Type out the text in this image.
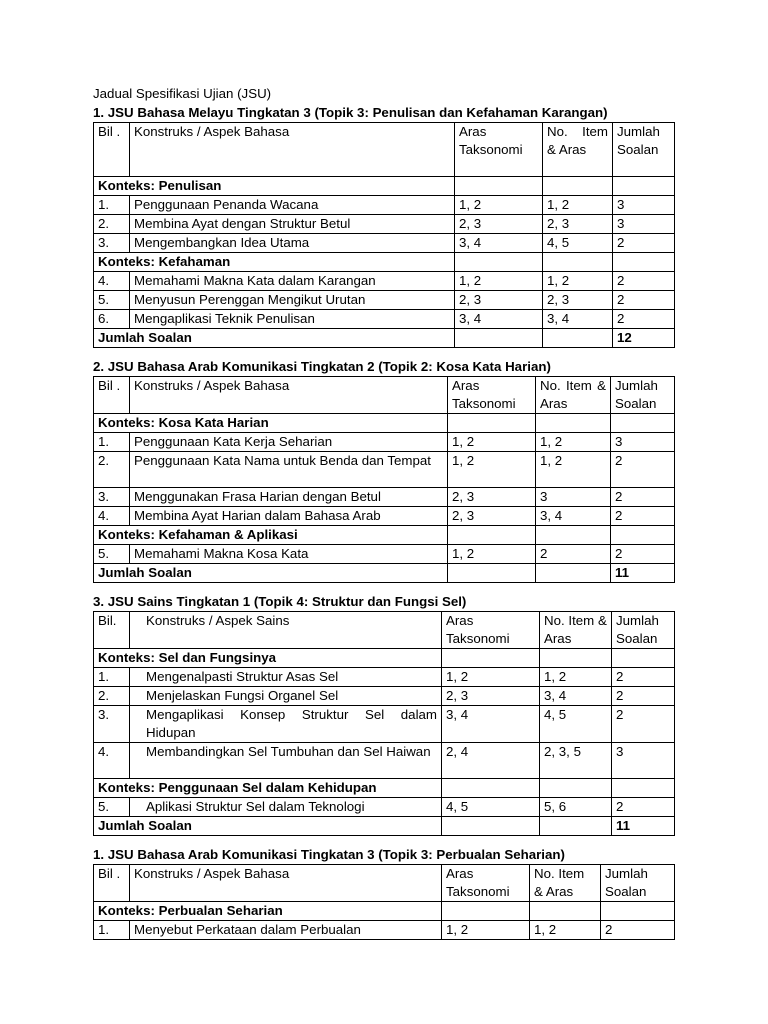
Jadual Spesifikasi Ujian (JSU)
1. JSU Bahasa Melayu Tingkatan 3 (Topik 3: Penulisan dan Kefahaman Karangan)
Bil .	Konstruks / Aspek Bahasa	Aras Taksonomi	No. Item & Aras	Jumlah Soalan
Konteks: Penulisan				
1.	Penggunaan Penanda Wacana	1, 2	1, 2	3
2.	Membina Ayat dengan Struktur Betul	2, 3	2, 3	3
3.	Mengembangkan Idea Utama	3, 4	4, 5	2
Konteks: Kefahaman				
4.	Memahami Makna Kata dalam Karangan	1, 2	1, 2	2
5.	Menyusun Perenggan Mengikut Urutan	2, 3	2, 3	2
6.	Mengaplikasi Teknik Penulisan	3, 4	3, 4	2
Jumlah Soalan				12
2. JSU Bahasa Arab Komunikasi Tingkatan 2 (Topik 2: Kosa Kata Harian)
Bil .	Konstruks / Aspek Bahasa	Aras Taksonomi	No. Item & Aras	Jumlah Soalan
Konteks: Kosa Kata Harian				
1.	Penggunaan Kata Kerja Seharian	1, 2	1, 2	3
2.	Penggunaan Kata Nama untuk Benda dan Tempat	1, 2	1, 2	2
3.	Menggunakan Frasa Harian dengan Betul	2, 3	3	2
4.	Membina Ayat Harian dalam Bahasa Arab	2, 3	3, 4	2
Konteks: Kefahaman & Aplikasi				
5.	Memahami Makna Kosa Kata	1, 2	2	2
Jumlah Soalan				11
3. JSU Sains Tingkatan 1 (Topik 4: Struktur dan Fungsi Sel)
Bil.	Konstruks / Aspek Sains	Aras Taksonomi	No. Item & Aras	Jumlah Soalan
Konteks: Sel dan Fungsinya				
1.	Mengenalpasti Struktur Asas Sel	1, 2	1, 2	2
2.	Menjelaskan Fungsi Organel Sel	2, 3	3, 4	2
3.	Mengaplikasi Konsep Struktur Sel dalam Hidupan	3, 4	4, 5	2
4.	Membandingkan Sel Tumbuhan dan Sel Haiwan	2, 4	2, 3, 5	3
Konteks: Penggunaan Sel dalam Kehidupan				
5.	Aplikasi Struktur Sel dalam Teknologi	4, 5	5, 6	2
Jumlah Soalan				11
1. JSU Bahasa Arab Komunikasi Tingkatan 3 (Topik 3: Perbualan Seharian)
Bil .	Konstruks / Aspek Bahasa	Aras Taksonomi	No. Item & Aras	Jumlah Soalan
Konteks: Perbualan Seharian				
1.	Menyebut Perkataan dalam Perbualan	1, 2	1, 2	2
